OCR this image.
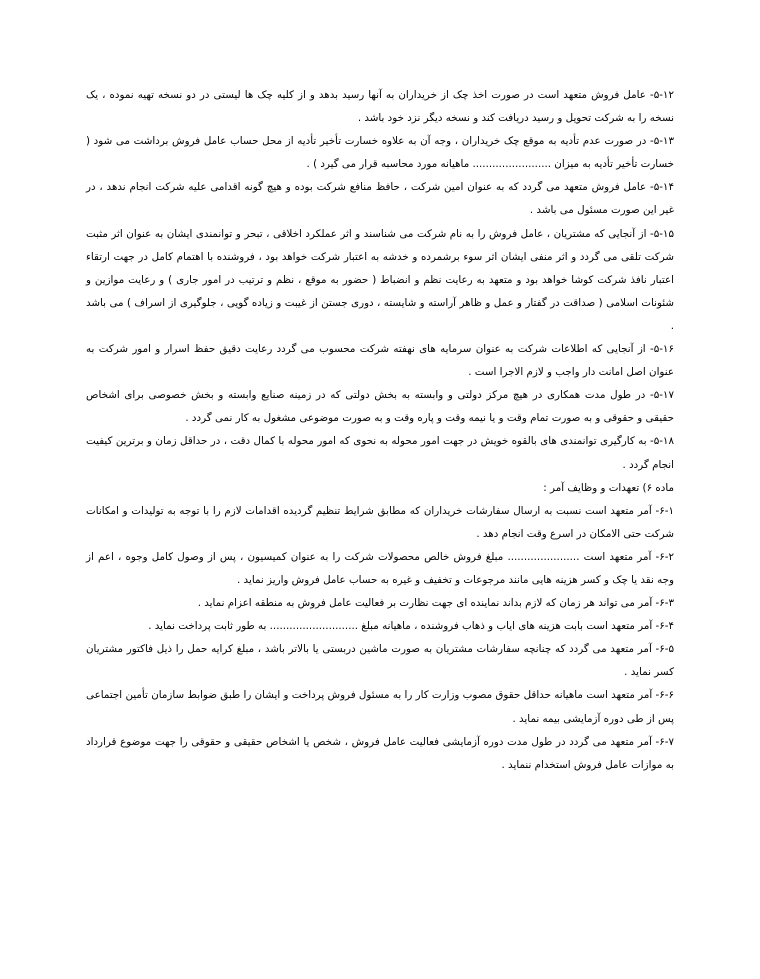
۵-۱۲- عامل فروش متعهد است در صورت اخذ چک از خریداران به آنها رسید بدهد و از کلیه چک ها لیستی در دو نسخه تهیه نموده ، یک نسخه را به شرکت تحویل و رسید دریافت کند و نسخه دیگر نزد خود باشد .

۵-۱۳- در صورت عدم تأدیه به موقع چک خریداران ، وجه آن به علاوه خسارت تأخیر تأدیه از محل حساب عامل فروش برداشت می شود ( خسارت تأخیر تأدیه به میزان ........................ ماهیانه مورد محاسبه قرار می گیرد ) .

۵-۱۴- عامل فروش متعهد می گردد که به عنوان امین شرکت ، حافظ منافع شرکت بوده و هیچ گونه اقدامی علیه شرکت انجام ندهد ، در غیر این صورت مسئول می باشد .

۵-۱۵- از آنجایی که مشتریان ، عامل فروش را به نام شرکت می شناسند و اثر عملکرد اخلاقی ، تبحر و توانمندی ایشان به عنوان اثر مثبت شرکت تلقی می گردد و اثر منفی ایشان اثر سوء برشمرده و خدشه به اعتبار شرکت خواهد بود ، فروشنده با اهتمام کامل در جهت ارتقاء اعتبار نافذ شرکت کوشا خواهد بود و متعهد به رعایت نظم و انضباط ( حضور به موقع ، نظم و ترتیب در امور جاری ) و رعایت موازین و شئونات اسلامی ( صداقت در گفتار و عمل و ظاهر آراسته و شایسته ، دوری جستن از غیبت و زیاده گویی ، جلوگیری از اسراف ) می باشد .

۵-۱۶- از آنجایی که اطلاعات شرکت به عنوان سرمایه های نهفته شرکت محسوب می گردد رعایت دقیق حفظ اسرار و امور شرکت به عنوان اصل امانت دار واجب و لازم الاجرا است .

۵-۱۷- در طول مدت همکاری در هیچ مرکز دولتی و وابسته به بخش دولتی که در زمینه صنایع وابسته و بخش خصوصی برای اشخاص حقیقی و حقوقی و به صورت تمام وقت و یا نیمه وقت و پاره وقت و به صورت موضوعی مشغول به کار نمی گردد .

۵-۱۸- به کارگیری توانمندی های بالقوه خویش در جهت امور محوله به نحوی که امور محوله با کمال دقت ، در حداقل زمان و برترین کیفیت انجام گردد .

ماده ۶) تعهدات و وظایف آمر :

۶-۱- آمر متعهد است نسبت به ارسال سفارشات خریداران که مطابق شرایط تنظیم گردیده اقدامات لازم را با توجه به تولیدات و امکانات شرکت حتی الامکان در اسرع وقت انجام دهد .

۶-۲- آمر متعهد است ...................... مبلغ فروش خالص محصولات شرکت را به عنوان کمیسیون ، پس از وصول کامل وجوه ، اعم از وجه نقد یا چک و کسر هزینه هایی مانند مرجوعات و تخفیف و غیره به حساب عامل فروش واریز نماید .

۶-۳- آمر می تواند هر زمان که لازم بداند نماینده ای جهت نظارت بر فعالیت عامل فروش به منطقه اعزام نماید .

۶-۴- آمر متعهد است بابت هزینه های ایاب و ذهاب فروشنده ، ماهیانه مبلغ ........................... به طور ثابت پرداخت نماید .

۶-۵- آمر متعهد می گردد که چنانچه سفارشات مشتریان به صورت ماشین دربستی یا بالاتر باشد ، مبلغ کرایه حمل را ذیل فاکتور مشتریان کسر نماید .

۶-۶- آمر متعهد است ماهیانه حداقل حقوق مصوب وزارت کار را به مسئول فروش پرداخت و ایشان را طبق ضوابط سازمان تأمین اجتماعی پس از طی دوره آزمایشی بیمه نماید .

۶-۷- آمر متعهد می گردد در طول مدت دوره آزمایشی فعالیت عامل فروش ، شخص یا اشخاص حقیقی و حقوقی را جهت موضوع قرارداد به موازات عامل فروش استخدام ننماید .
